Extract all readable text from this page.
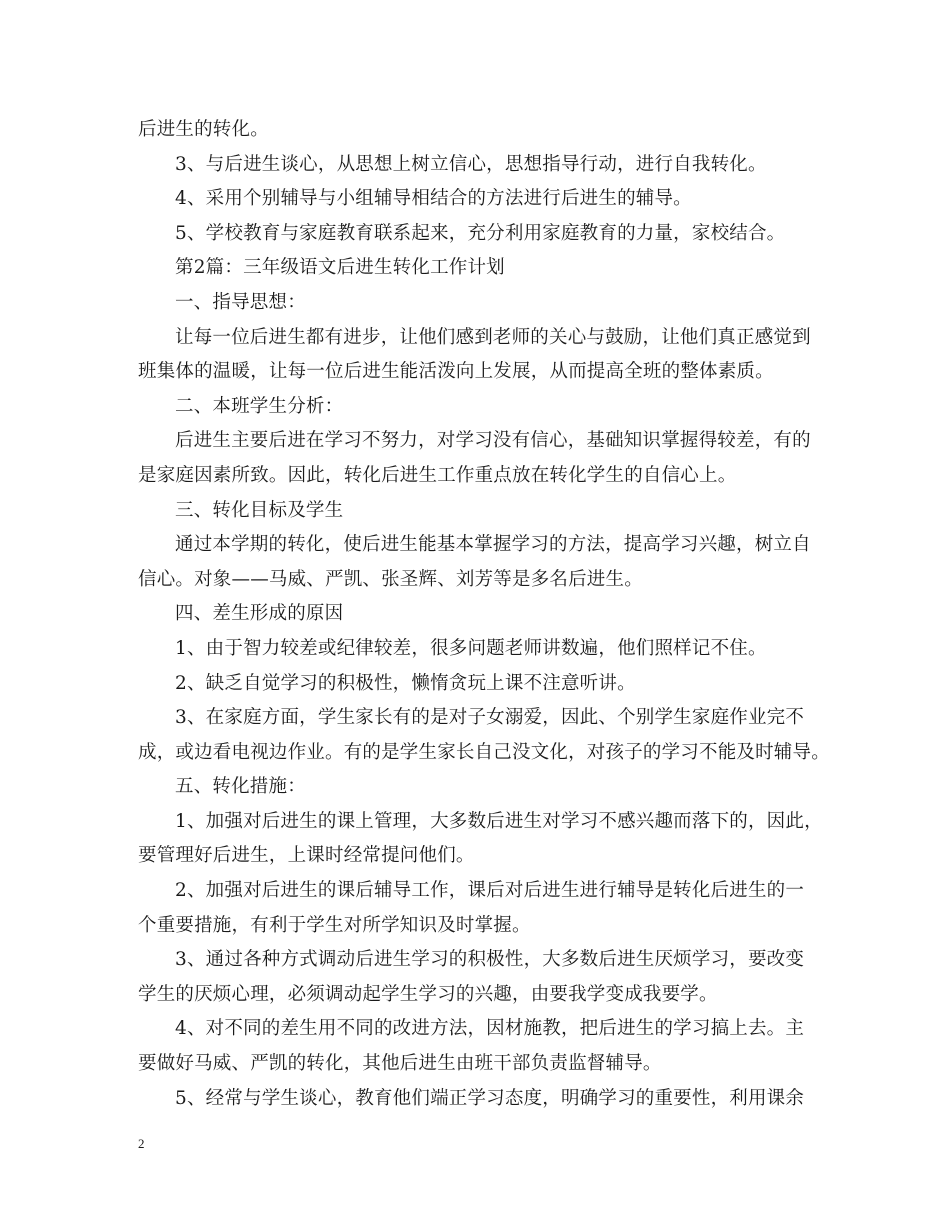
后进生的转化。

3、与后进生谈心，从思想上树立信心，思想指导行动，进行自我转化。

4、采用个别辅导与小组辅导相结合的方法进行后进生的辅导。

5、学校教育与家庭教育联系起来，充分利用家庭教育的力量，家校结合。

第2篇：三年级语文后进生转化工作计划

一、指导思想：

让每一位后进生都有进步，让他们感到老师的关心与鼓励，让他们真正感觉到

班集体的温暖，让每一位后进生能活泼向上发展，从而提高全班的整体素质。

二、本班学生分析：

后进生主要后进在学习不努力，对学习没有信心，基础知识掌握得较差，有的

是家庭因素所致。因此，转化后进生工作重点放在转化学生的自信心上。

三、转化目标及学生

通过本学期的转化，使后进生能基本掌握学习的方法，提高学习兴趣，树立自

信心。对象——马威、严凯、张圣辉、刘芳等是多名后进生。

四、差生形成的原因

1、由于智力较差或纪律较差，很多问题老师讲数遍，他们照样记不住。

2、缺乏自觉学习的积极性，懒惰贪玩上课不注意听讲。

3、在家庭方面，学生家长有的是对子女溺爱，因此、个别学生家庭作业完不

成，或边看电视边作业。有的是学生家长自己没文化，对孩子的学习不能及时辅导。

五、转化措施：

1、加强对后进生的课上管理，大多数后进生对学习不感兴趣而落下的，因此，

要管理好后进生，上课时经常提问他们。

2、加强对后进生的课后辅导工作，课后对后进生进行辅导是转化后进生的一

个重要措施，有利于学生对所学知识及时掌握。

3、通过各种方式调动后进生学习的积极性，大多数后进生厌烦学习，要改变

学生的厌烦心理，必须调动起学生学习的兴趣，由要我学变成我要学。

4、对不同的差生用不同的改进方法，因材施教，把后进生的学习搞上去。主

要做好马威、严凯的转化，其他后进生由班干部负责监督辅导。

5、经常与学生谈心，教育他们端正学习态度，明确学习的重要性，利用课余

2
